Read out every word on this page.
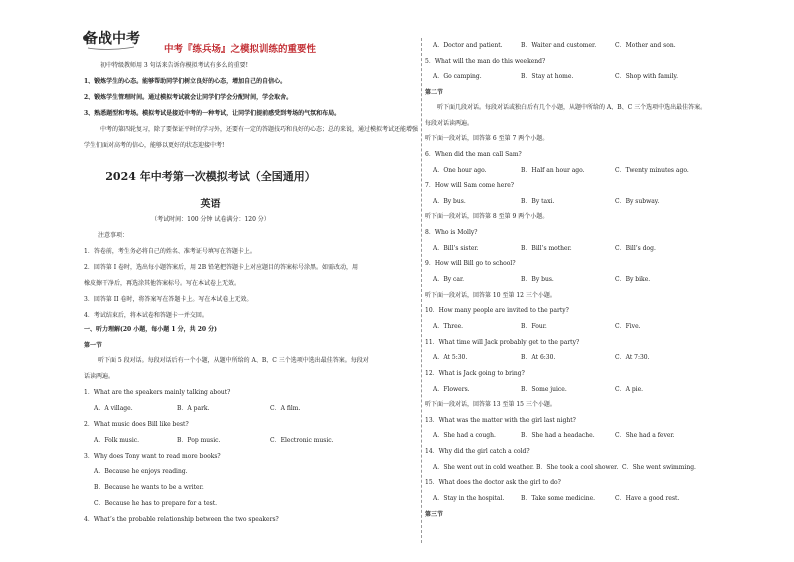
备战中考
中考『练兵场』之模拟训练的重要性
初中特级教师用 3 句话来告诉你模拟考试有多么的重要!
1、锻炼学生的心态。能够帮助同学们树立良好的心态，增加自己的自信心。
2、锻炼学生管理时间。通过模拟考试就会让同学们学会分配时间，学会取舍。
3、熟悉题型和考场。模拟考试是接近中考的一种考试，让同学们提前感受到考场的气氛和布局。
中考的第四轮复习，除了要保证平时的学习外，还要有一定的答题技巧和良好的心态；总的来说，通过模拟考试还能增强
学生们面对高考的信心，能够以更好的状态迎接中考!
2024 年中考第一次模拟考试（全国通用）
英语
（考试时间：100 分钟 试卷满分：120 分）
注意事项：
1．答卷前，考生务必将自己的姓名、准考证号填写在答题卡上。
2．回答第 I 卷时，选出每小题答案后，用 2B 铅笔把答题卡上对应题目的答案标号涂黑。如需改动，用
橡皮擦干净后，再选涂其他答案标号。写在本试卷上无效。
3．回答第 II 卷时，将答案写在答题卡上。写在本试卷上无效。
4．考试结束后，将本试卷和答题卡一并交回。
一、听力理解(20 小题，每小题 1 分，共 20 分)
第一节
听下面 5 段对话。每段对话后有一个小题，从题中所给的 A、B、C 三个选项中选出最佳答案。每段对
话读两遍。
1．What are the speakers mainly talking about?
A．A village.	B．A park.	C．A film.
2．What music does Bill like best?
A．Folk music.	B．Pop music.	C．Electronic music.
3．Why does Tony want to read more books?
A．Because he enjoys reading.
B．Because he wants to be a writer.
C．Because he has to prepare for a test.
4．What’s the probable relationship between the two speakers?
A．Doctor and patient.	B．Waiter and customer.	C．Mother and son.
5．What will the man do this weekend?
A．Go camping.	B．Stay at home.	C．Shop with family.
第二节
听下面几段对话。每段对话或独白后有几个小题，从题中所给的 A、B、C 三个选项中选出最佳答案。
每段对话读两遍。
听下面一段对话，回答第 6 至第 7 两个小题。
6．When did the man call Sam?
A．One hour ago.	B．Half an hour ago.	C．Twenty minutes ago.
7．How will Sam come here?
A．By bus.	B．By taxi.	C．By subway.
听下面一段对话，回答第 8 至第 9 两个小题。
8．Who is Molly?
A．Bill’s sister.	B．Bill’s mother.	C．Bill’s dog.
9．How will Bill go to school?
A．By car.	B．By bus.	C．By bike.
听下面一段对话，回答第 10 至第 12 三个小题。
10．How many people are invited to the party?
A．Three.	B．Four.	C．Five.
11．What time will Jack probably get to the party?
A．At 5:30.	B．At 6:30.	C．At 7:30.
12．What is Jack going to bring?
A．Flowers.	B．Some juice.	C．A pie.
听下面一段对话，回答第 13 至第 15 三个小题。
13．What was the matter with the girl last night?
A．She had a cough.	B．She had a headache.	C．She had a fever.
14．Why did the girl catch a cold?
A．She went out in cold weather. B．She took a cool shower. C．She went swimming.
15．What does the doctor ask the girl to do?
A．Stay in the hospital.	B．Take some medicine.	C．Have a good rest.
第三节
